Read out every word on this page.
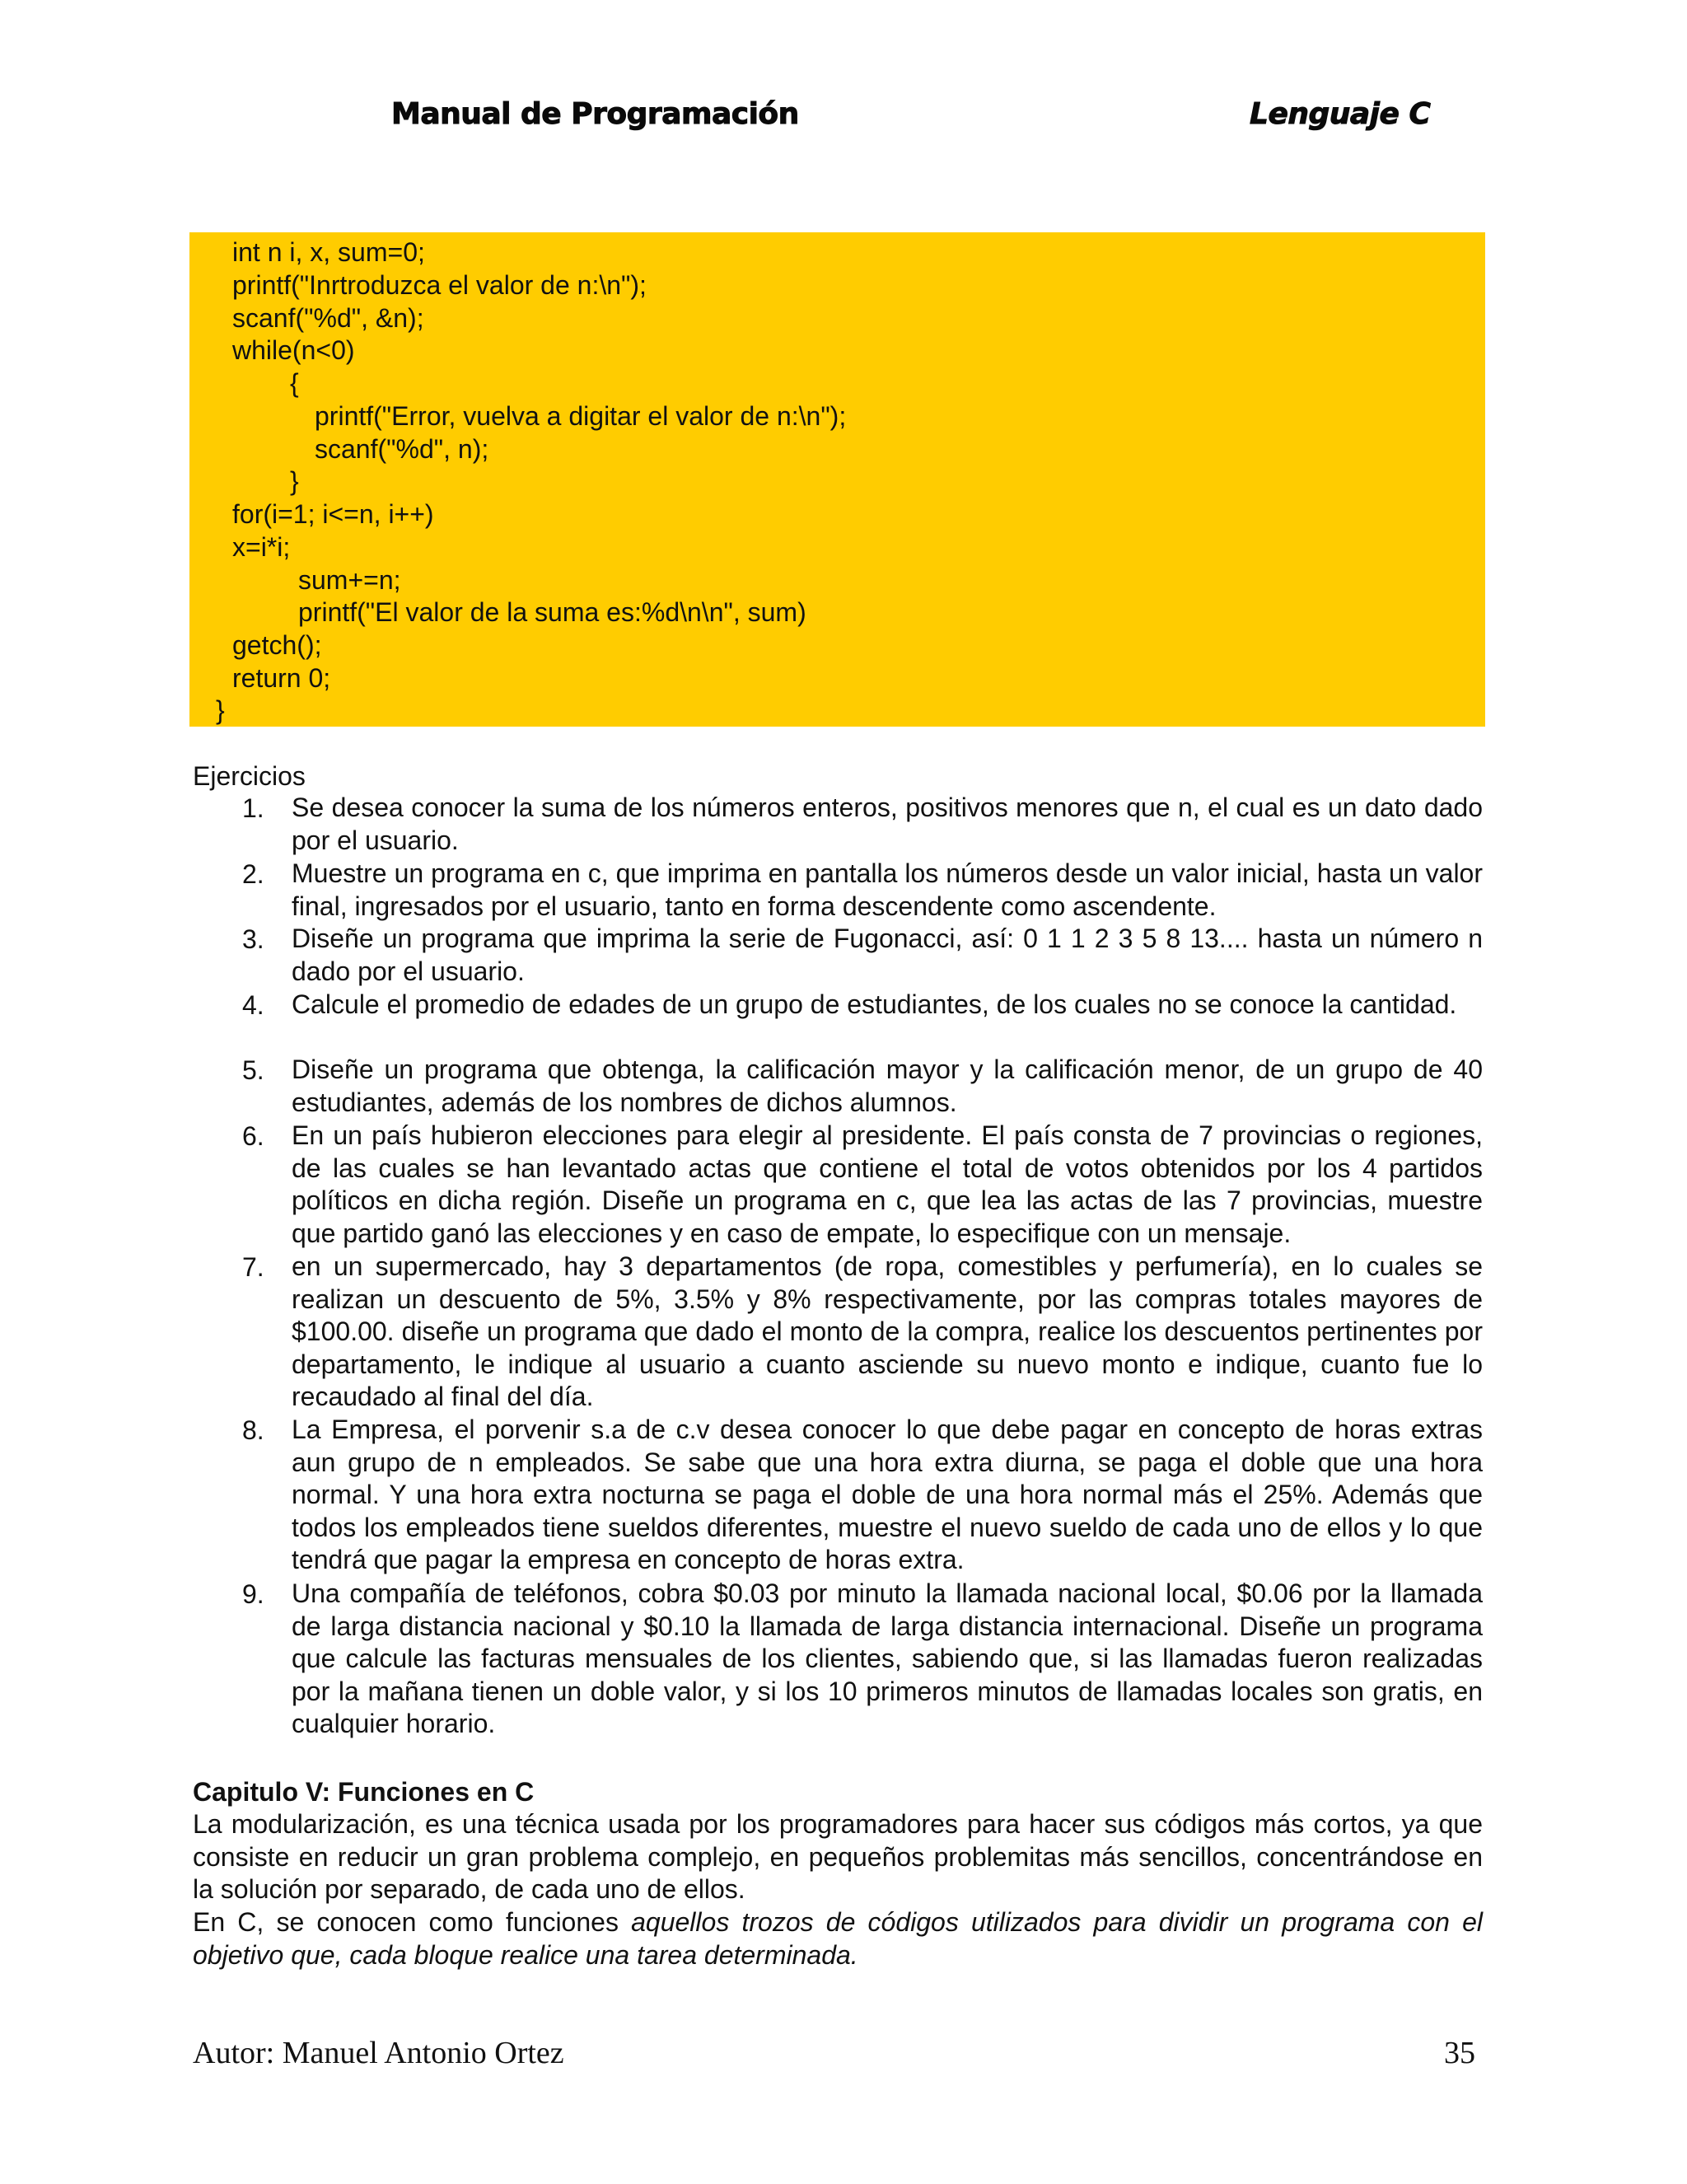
Manual de Programación	Lenguaje C
int n i, x, sum=0;
printf("Inrtroduzca el valor de n:\n");
scanf("%d", &n);
while(n<0)
{
printf("Error, vuelva a digitar el valor de n:\n");
scanf("%d", n);
}
for(i=1; i<=n, i++)
x=i*i;
sum+=n;
printf("El valor de la suma es:%d\n\n", sum)
getch();
return 0;
}
Ejercicios
1. Se desea conocer la suma de los números enteros, positivos menores que n, el cual es un dato dado por el usuario.

2. Muestre un programa en c, que imprima en pantalla los números desde un valor inicial, hasta un valor final, ingresados por el usuario, tanto en forma descendente como ascendente.

3. Diseñe un programa que imprima la serie de Fugonacci, así: 0 1 1 2 3 5 8 13.... hasta un número n dado por el usuario.

4. Calcule el promedio de edades de un grupo de estudiantes, de los cuales no se conoce la cantidad.

5. Diseñe un programa que obtenga, la calificación mayor y la calificación menor, de un grupo de 40 estudiantes, además de los nombres de dichos alumnos.

6. En un país hubieron elecciones para elegir al presidente. El país consta de 7 provincias o regiones, de las cuales se han levantado actas que contiene el total de votos obtenidos por los 4 partidos políticos en dicha región. Diseñe un programa en c, que lea las actas de las 7 provincias, muestre que partido ganó las elecciones y en caso de empate, lo especifique con un mensaje.

7. en un supermercado, hay 3 departamentos (de ropa, comestibles y perfumería), en lo cuales se realizan un descuento de 5%, 3.5% y 8% respectivamente, por las compras totales mayores de $100.00. diseñe un programa que dado el monto de la compra, realice los descuentos pertinentes por departamento, le indique al usuario a cuanto asciende su nuevo monto e indique, cuanto fue lo recaudado al final del día.

8. La Empresa, el porvenir s.a de c.v desea conocer lo que debe pagar en concepto de horas extras aun grupo de n empleados. Se sabe que una hora extra diurna, se paga el doble que una hora normal. Y una hora extra nocturna se paga el doble de una hora normal más el 25%. Además que todos los empleados tiene sueldos diferentes, muestre el nuevo sueldo de cada uno de ellos y lo que tendrá que pagar la empresa en concepto de horas extra.

9. Una compañía de teléfonos, cobra $0.03 por minuto la llamada nacional local, $0.06 por la llamada de larga distancia nacional y $0.10 la llamada de larga distancia internacional. Diseñe un programa que calcule las facturas mensuales de los clientes, sabiendo que, si las llamadas fueron realizadas por la mañana tienen un doble valor, y si los 10 primeros minutos de llamadas locales son gratis, en cualquier horario.

Capitulo V: Funciones en C

La modularización, es una técnica usada por los programadores para hacer sus códigos más cortos, ya que consiste en reducir un gran problema complejo, en pequeños problemitas más sencillos, concentrándose en la solución por separado, de cada uno de ellos.

En C, se conocen como funciones aquellos trozos de códigos utilizados para dividir un programa con el objetivo que, cada bloque realice una tarea determinada.

Autor: Manuel Antonio Ortez	35
